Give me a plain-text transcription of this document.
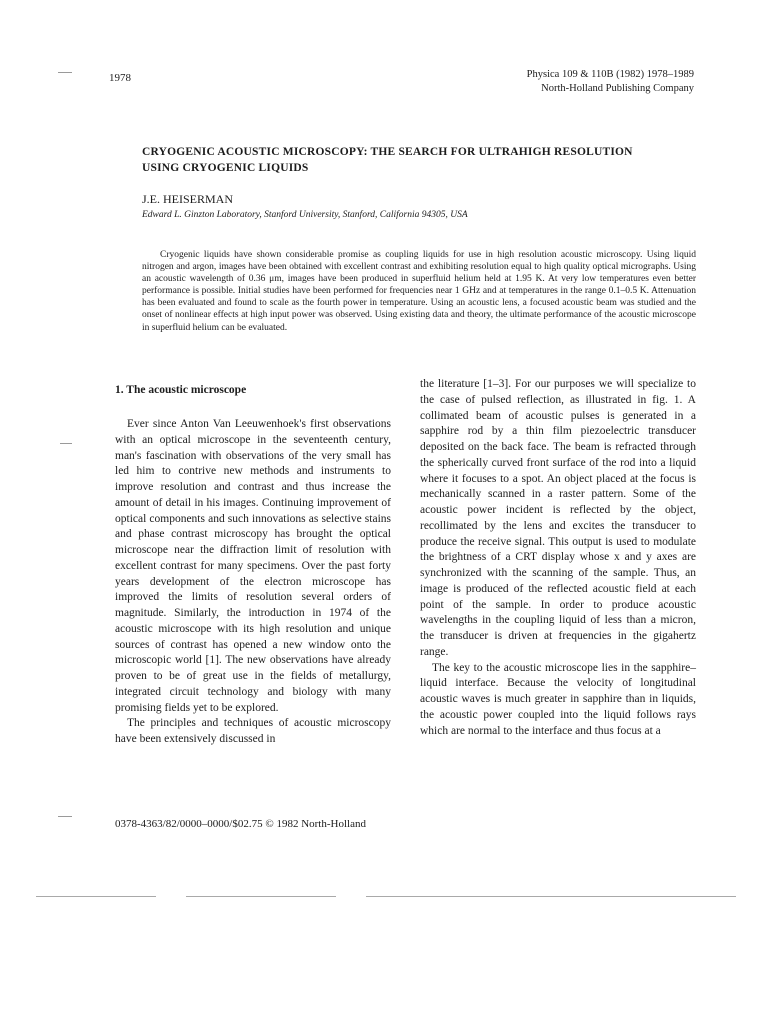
1978	Physica 109 & 110B (1982) 1978–1989
North-Holland Publishing Company
CRYOGENIC ACOUSTIC MICROSCOPY: THE SEARCH FOR ULTRAHIGH RESOLUTION USING CRYOGENIC LIQUIDS
J.E. HEISERMAN
Edward L. Ginzton Laboratory, Stanford University, Stanford, California 94305, USA

Cryogenic liquids have shown considerable promise as coupling liquids for use in high resolution acoustic microscopy. Using liquid nitrogen and argon, images have been obtained with excellent contrast and exhibiting resolution equal to high quality optical micrographs. Using an acoustic wavelength of 0.36 μm, images have been produced in superfluid helium held at 1.95 K. At very low temperatures even better performance is possible. Initial studies have been performed for frequencies near 1 GHz and at temperatures in the range 0.1–0.5 K. Attenuation has been evaluated and found to scale as the fourth power in temperature. Using an acoustic lens, a focused acoustic beam was studied and the onset of nonlinear effects at high input power was observed. Using existing data and theory, the ultimate performance of the acoustic microscope in superfluid helium can be evaluated.

1. The acoustic microscope

Ever since Anton Van Leeuwenhoek's first observations with an optical microscope in the seventeenth century, man's fascination with observations of the very small has led him to contrive new methods and instruments to improve resolution and contrast and thus increase the amount of detail in his images. Continuing improvement of optical components and such innovations as selective stains and phase contrast microscopy has brought the optical microscope near the diffraction limit of resolution with excellent contrast for many specimens. Over the past forty years development of the electron microscope has improved the limits of resolution several orders of magnitude. Similarly, the introduction in 1974 of the acoustic microscope with its high resolution and unique sources of contrast has opened a new window onto the microscopic world [1]. The new observations have already proven to be of great use in the fields of metallurgy, integrated circuit technology and biology with many promising fields yet to be explored.

The principles and techniques of acoustic microscopy have been extensively discussed in

the literature [1–3]. For our purposes we will specialize to the case of pulsed reflection, as illustrated in fig. 1. A collimated beam of acoustic pulses is generated in a sapphire rod by a thin film piezoelectric transducer deposited on the back face. The beam is refracted through the spherically curved front surface of the rod into a liquid where it focuses to a spot. An object placed at the focus is mechanically scanned in a raster pattern. Some of the acoustic power incident is reflected by the object, recollimated by the lens and excites the transducer to produce the receive signal. This output is used to modulate the brightness of a CRT display whose x and y axes are synchronized with the scanning of the sample. Thus, an image is produced of the reflected acoustic field at each point of the sample. In order to produce acoustic wavelengths in the coupling liquid of less than a micron, the transducer is driven at frequencies in the gigahertz range.

The key to the acoustic microscope lies in the sapphire–liquid interface. Because the velocity of longitudinal acoustic waves is much greater in sapphire than in liquids, the acoustic power coupled into the liquid follows rays which are normal to the interface and thus focus at a

0378-4363/82/0000–0000/$02.75 © 1982 North-Holland
